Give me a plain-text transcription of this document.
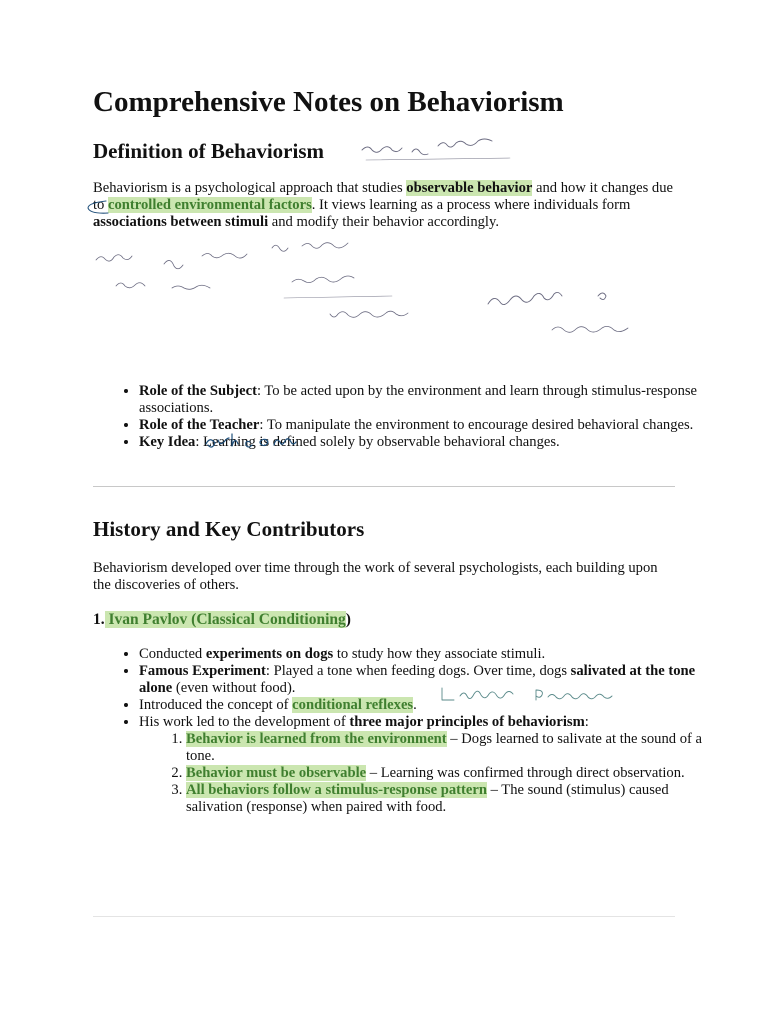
Comprehensive Notes on Behaviorism
Definition of Behaviorism

Behaviorism is a psychological approach that studies observable behavior and how it changes due to controlled environmental factors. It views learning as a process where individuals form associations between stimuli and modify their behavior accordingly.

• Role of the Subject: To be acted upon by the environment and learn through stimulus-response associations.
• Role of the Teacher: To manipulate the environment to encourage desired behavioral changes.
• Key Idea: Learning is defined solely by observable behavioral changes.
History and Key Contributors

Behaviorism developed over time through the work of several psychologists, each building upon the discoveries of others.

1. Ivan Pavlov (Classical Conditioning)
• Conducted experiments on dogs to study how they associate stimuli.
• Famous Experiment: Played a tone when feeding dogs. Over time, dogs salivated at the tone alone (even without food).
• Introduced the concept of conditional reflexes.
• His work led to the development of three major principles of behaviorism:
1. Behavior is learned from the environment – Dogs learned to salivate at the sound of a tone.
2. Behavior must be observable – Learning was confirmed through direct observation.
3. All behaviors follow a stimulus-response pattern – The sound (stimulus) caused salivation (response) when paired with food.
